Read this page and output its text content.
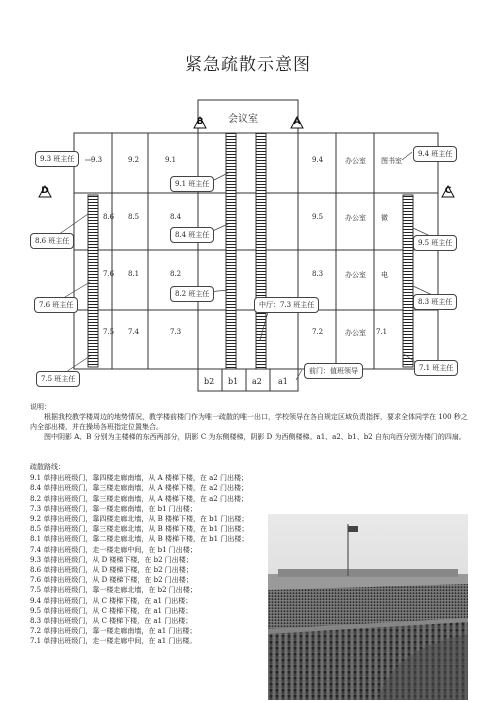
紧急疏散示意图
会议室
9.3	9.2	9.1	9.4	办公室 图书室
8.6 8.5	8.4	9.5	办公室 微
7.6 8.1	8.2	8.3	办公室 电
7.5 7.4	7.3	7.2	办公室 7.1
b2 b1 a2 a1
B	A
D	C
9.3 班主任
9.4 班主任
9.1 班主任
8.6 班主任
8.4 班主任
9.5 班主任
8.2 班主任
7.6 班主任	中厅：7.3 班主任	8.3 班主任
7.5 班主任
前门：值班领导	7.1 班主任
说明：
根据我校教学楼周边的地势情况，教学楼前楼门作为唯一疏散的唯一出口，学校领导在各自规定区域负责指挥，要求全体同学在 100 秒之内全部出楼，并在操场各班指定位置集合。
图中阴影 A、B 分别为主楼梯的东西两部分，阴影 C 为东侧楼梯，阴影 D 为西侧楼梯。a1、a2、b1、b2 自东向西分别为楼门的四扇。
疏散路线：
9.1 单排出班级门，靠四楼走廊南墙，从 A 楼梯下楼，在 a2 门出楼；
8.4 单排出班级门，靠三楼走廊南墙，从 A 楼梯下楼，在 a2 门出楼；
8.2 单排出班级门，靠三楼走廊南墙，从 A 楼梯下楼，在 a2 门出楼；
7.3 单排出班级门，靠一楼走廊南墙，在 b1 门出楼；
9.2 单排出班级门，靠四楼走廊北墙，从 B 楼梯下楼，在 b1 门出楼；
8.5 单排出班级门，靠三楼走廊北墙，从 B 楼梯下楼，在 b1 门出楼；
8.1 单排出班级门，靠二楼走廊北墙，从 B 楼梯下楼，在 b1 门出楼；
7.4 单排出班级门，走一楼走廊中间，在 b1 门出楼；
9.3 单排出班级门，从 D 楼梯下楼，在 b2 门出楼；
8.6 单排出班级门，从 D 楼梯下楼，在 b2 门出楼；
7.6 单排出班级门，从 D 楼梯下楼，在 b2 门出楼；
7.5 单排出班级门，靠一楼走廊北墙，在 b2 门出楼；
9.4 单排出班级门，从 C 楼梯下楼，在 a1 门出楼；
9.5 单排出班级门，从 C 楼梯下楼，在 a1 门出楼；
8.3 单排出班级门，从 C 楼梯下楼，在 a1 门出楼；
7.2 单排出班级门，靠一楼走廊南墙，在 a1 门出楼；
7.1 单排出班级门，走一楼走廊中间，在 a1 门出楼。
